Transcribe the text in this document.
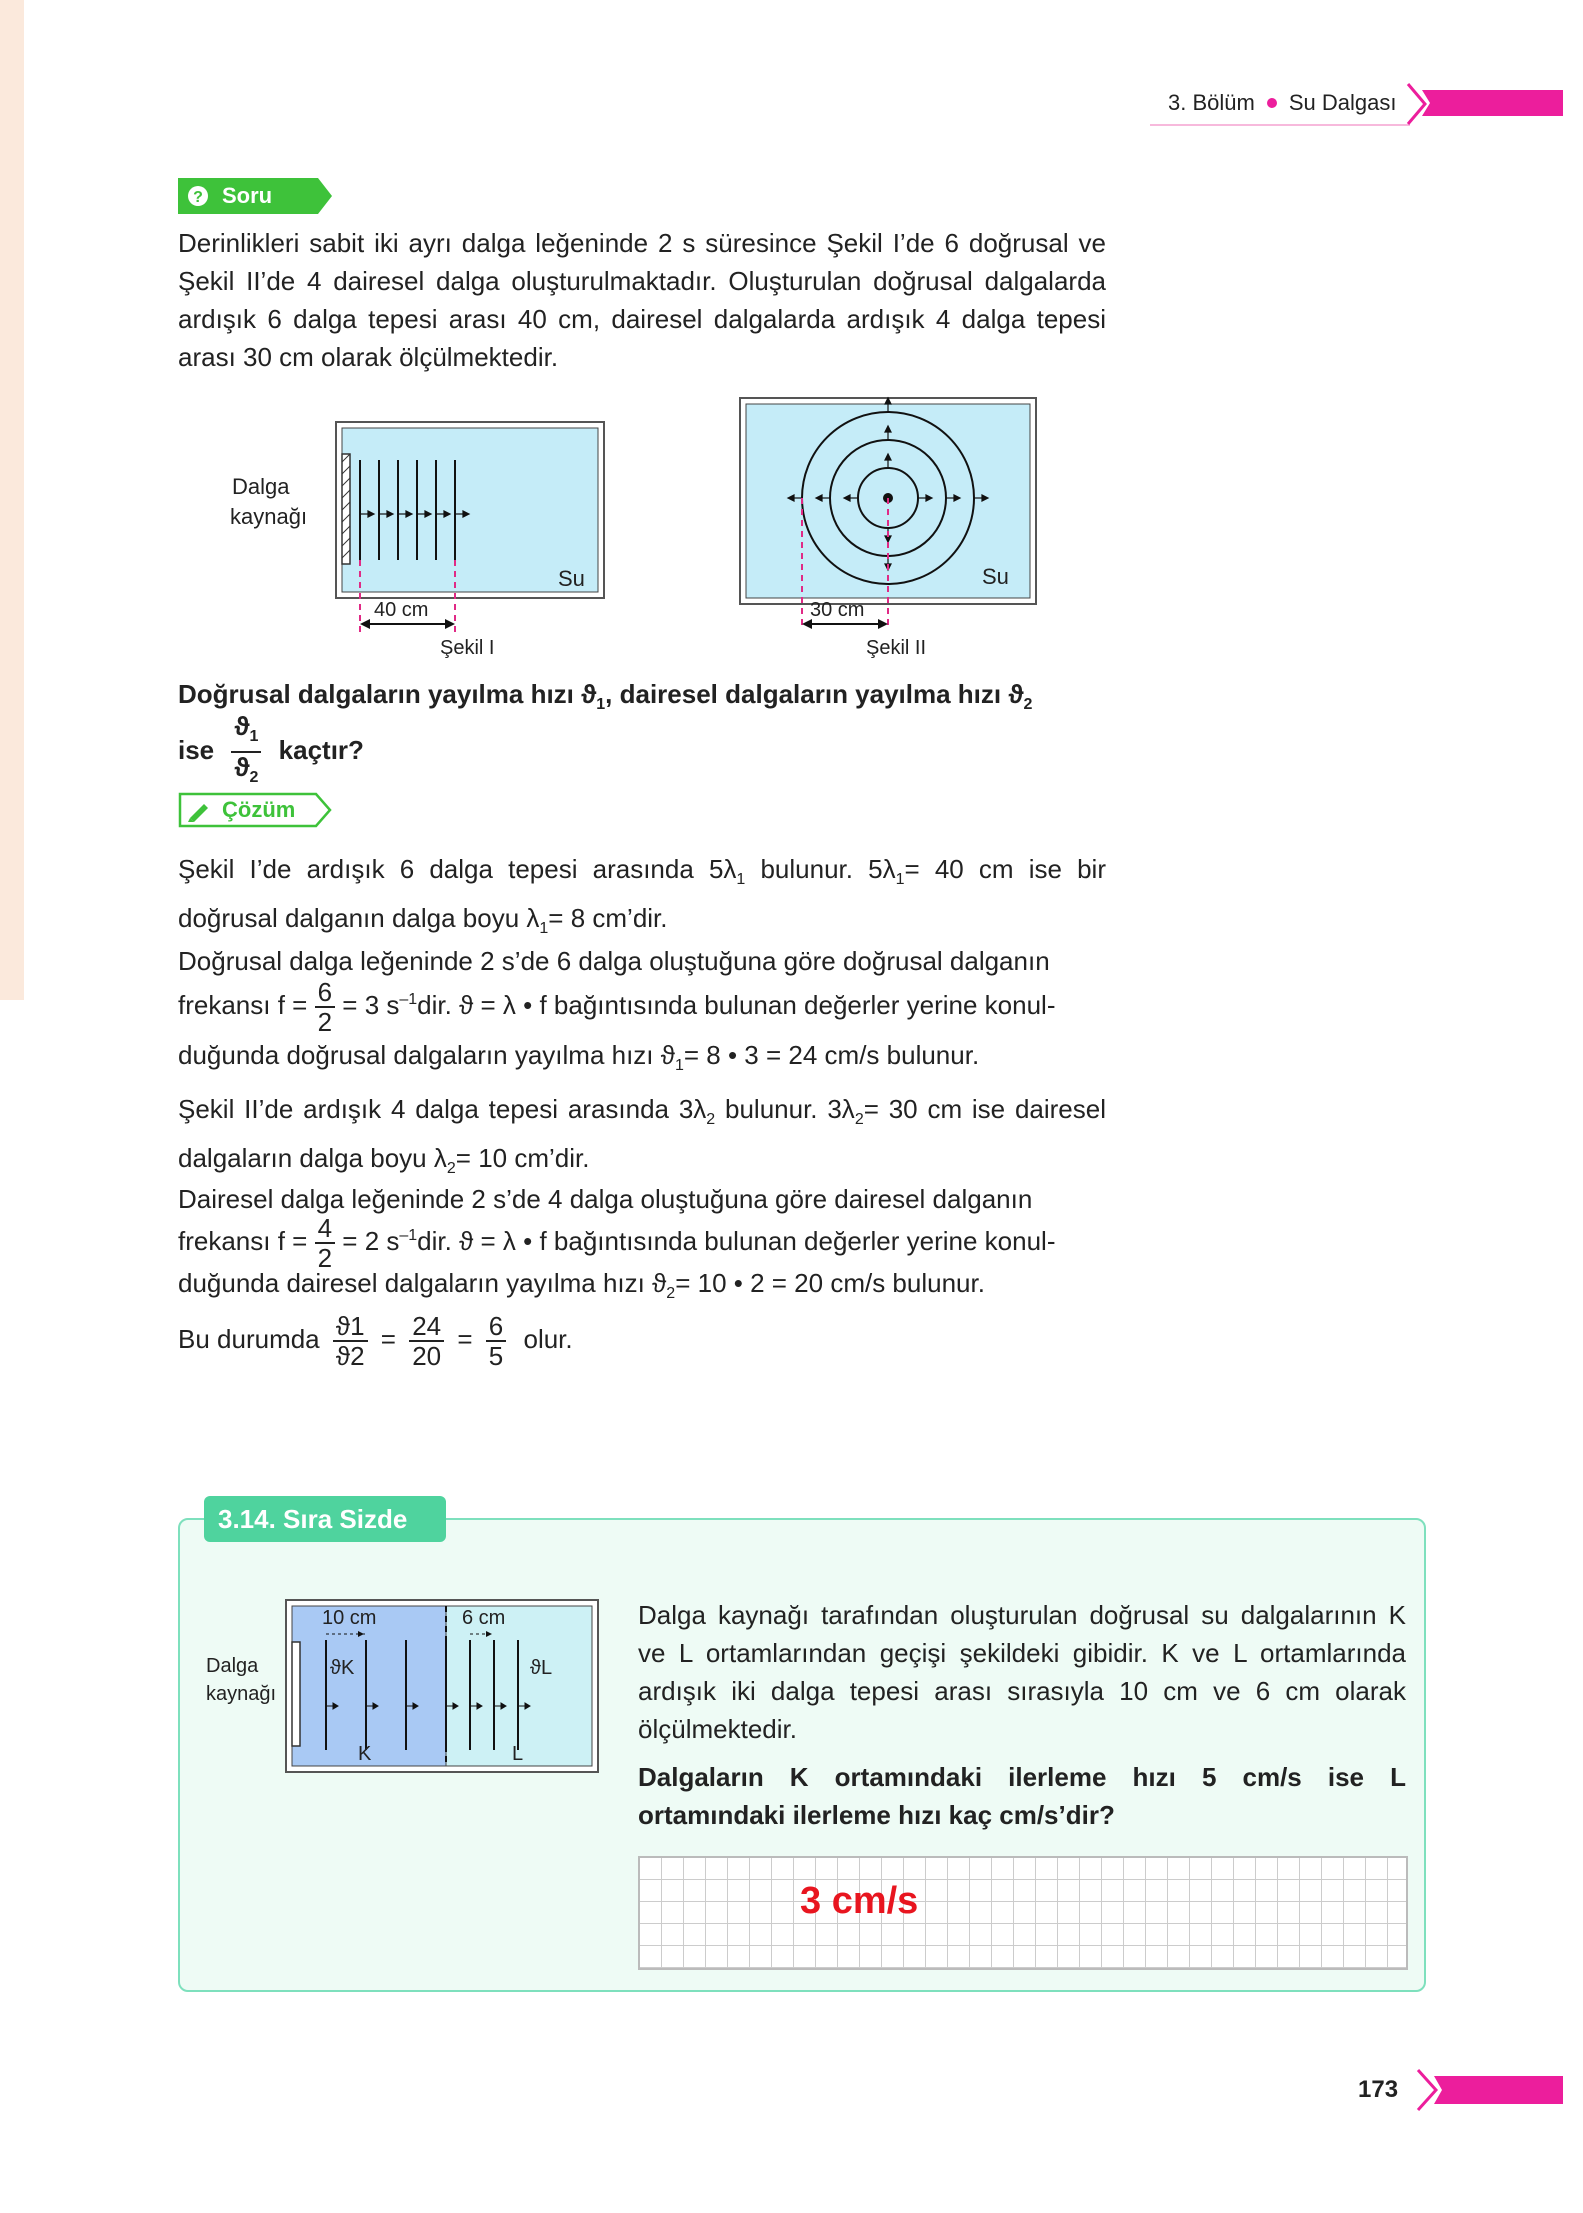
3. Bölüm Su Dalgası
? Soru
Derinlikleri sabit iki ayrı dalga leğeninde 2 s süresince Şekil I’de 6 doğrusal ve Şekil II’de 4 dairesel dalga oluşturulmaktadır. Oluşturulan doğrusal dalgalarda ardışık 6 dalga tepesi arası 40 cm, dairesel dalgalarda ardışık 4 dalga tepesi arası 30 cm olarak ölçülmektedir.
Dalga
kaynağı
Su
40 cm
Şekil I
Su
30 cm
Şekil II
Doğrusal dalgaların yayılma hızı $ϑ_1$, dairesel dalgaların yayılma hızı $ϑ_2$
ise $\frac{ϑ_1}{ϑ_2}$ kaçtır?
Çözüm
Şekil I’de ardışık 6 dalga tepesi arasında $5\lambda_1$ bulunur. $5\lambda_1= 40$ cm ise bir doğrusal dalganın dalga boyu $\lambda_1= 8$ cm’dir.
Doğrusal dalga leğeninde 2 s’de 6 dalga oluştuğuna göre doğrusal dalganın
frekansı $f = \frac{6}{2} = 3$ $s^{-1}dir$. ϑ = λ • f bağıntısında bulunan değerler yerine konul-
duğunda doğrusal dalgaların yayılma hızı $ϑ_1= 8$ • 3 = 24 cm/s bulunur.
Şekil II’de ardışık 4 dalga tepesi arasında $3\lambda_2$ bulunur. $3\lambda_2= 30$ cm ise dairesel dalgaların dalga boyu $\lambda_2= 10$ cm’dir.
Dairesel dalga leğeninde 2 s’de 4 dalga oluştuğuna göre dairesel dalganın
frekansı $f = \frac{4}{2} = 2$ $s^{-1}dir$. ϑ = λ • f bağıntısında bulunan değerler yerine konul-
duğunda dairesel dalgaların yayılma hızı $ϑ_2= 10$ • 2 = 20 cm/s bulunur.
Bu durumda $\frac{ϑ1}{ϑ2} = \frac{24}{20} = \frac{6}{5}$ olur.
3.14. Sıra Sizde
10 cm	6 cm
ϑK	ϑL
K	L
Dalga
kaynağı
Dalga kaynağı tarafından oluşturulan doğrusal su dalgalarının K ve L ortamlarından geçişi şekildeki gibidir. K ve L ortamlarında ardışık iki dalga tepesi arası sırasıyla 10 cm ve 6 cm olarak ölçülmektedir.
Dalgaların K ortamındaki ilerleme hızı 5 cm/s ise L ortamındaki ilerleme hızı kaç cm/s’dir?
3 cm/s
173
